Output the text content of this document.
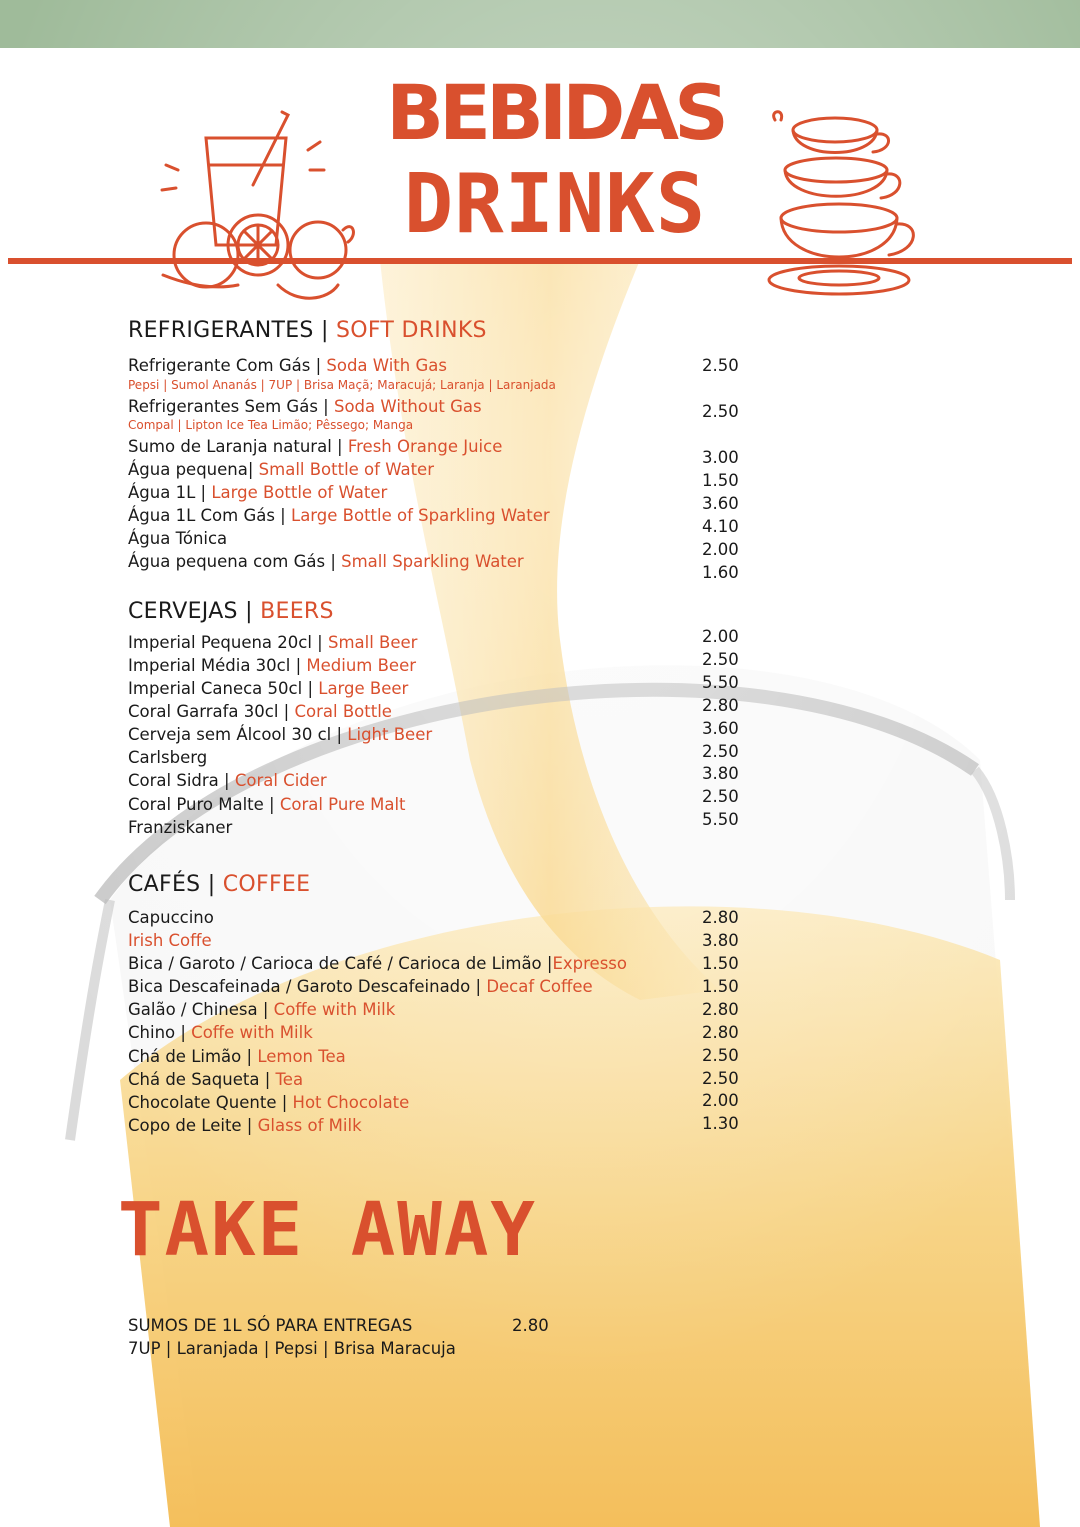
BEBIDAS
DRINKS
REFRIGERANTES | SOFT DRINKS
Refrigerante Com Gás | Soda With Gas
Pepsi | Sumol Ananás | 7UP | Brisa Maçã; Maracujá; Laranja | Laranjada
Refrigerantes Sem Gás | Soda Without Gas
Compal | Lipton Ice Tea Limão; Pêssego; Manga
Sumo de Laranja natural | Fresh Orange Juice
Água pequena| Small Bottle of Water
Água 1L | Large Bottle of Water
Água 1L Com Gás | Large Bottle of Sparkling Water
Água Tónica
Água pequena com Gás | Small Sparkling Water
2.50
2.50
3.00
1.50
3.60
4.10
2.00
1.60
CERVEJAS | BEERS
Imperial Pequena 20cl | Small Beer
Imperial Média 30cl | Medium Beer
Imperial Caneca 50cl | Large Beer
Coral Garrafa 30cl | Coral Bottle
Cerveja sem Álcool 30 cl | Light Beer
Carlsberg
Coral Sidra | Coral Cider
Coral Puro Malte | Coral Pure Malt
Franziskaner
2.00
2.50
5.50
2.80
3.60
2.50
3.80
2.50
5.50
CAFÉS | COFFEE
Capuccino
Irish Coffe
Bica / Garoto / Carioca de Café / Carioca de Limão |Expresso
Bica Descafeinada / Garoto Descafeinado | Decaf Coffee
Galão / Chinesa | Coffe with Milk
Chino | Coffe with Milk
Chá de Limão | Lemon Tea
Chá de Saqueta | Tea
Chocolate Quente | Hot Chocolate
Copo de Leite | Glass of Milk
2.80
3.80
1.50
1.50
2.80
2.80
2.50
2.50
2.00
1.30
TAKE AWAY
SUMOS DE 1L SÓ PARA ENTREGAS	2.80
7UP | Laranjada | Pepsi | Brisa Maracuja
